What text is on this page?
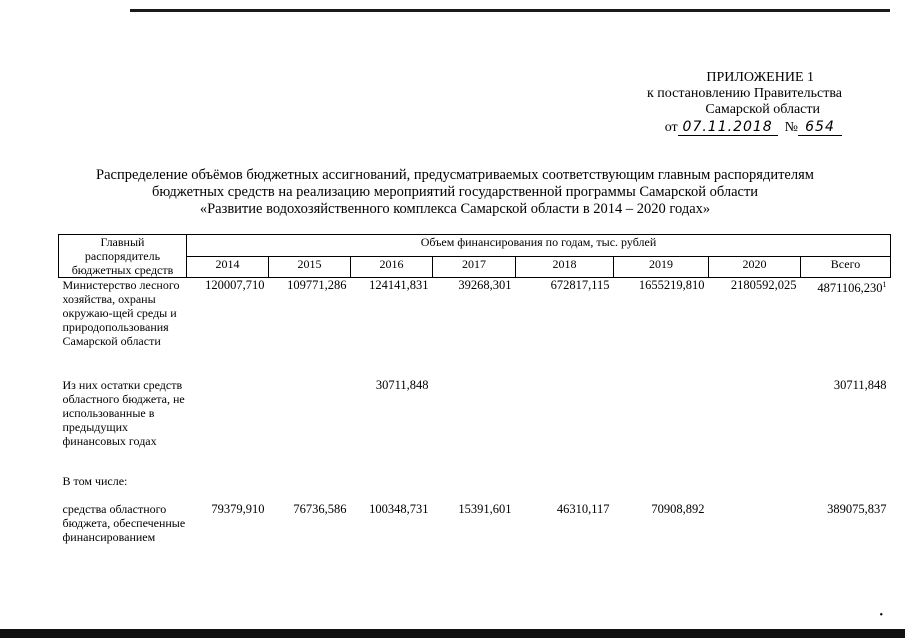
ПРИЛОЖЕНИЕ 1
к постановлению Правительства
Самарской области
от 07.11.2018 № 654
Распределение объёмов бюджетных ассигнований, предусматриваемых соответствующим главным распорядителям
бюджетных средств на реализацию мероприятий государственной программы Самарской области
«Развитие водохозяйственного комплекса Самарской области в 2014 – 2020 годах»
Главный распорядитель бюджетных средств	Объем финансирования по годам, тыс. рублей							
	2014	2015	2016	2017	2018	2019	2020	Всего
Министерство лесного хозяйства, охраны окружаю-щей среды и природопользования Самарской области	120007,710	109771,286	124141,831	39268,301	672817,115	1655219,810	2180592,025	4871106,230$^1$

Из них остатки средств областного бюджета, не использованные в предыдущих финансовых годах			30711,848					30711,848

В том числе:								

средства областного бюджета, обеспеченные финансированием	79379,910	76736,586	100348,731	15391,601	46310,117	70908,892		389075,837
•
